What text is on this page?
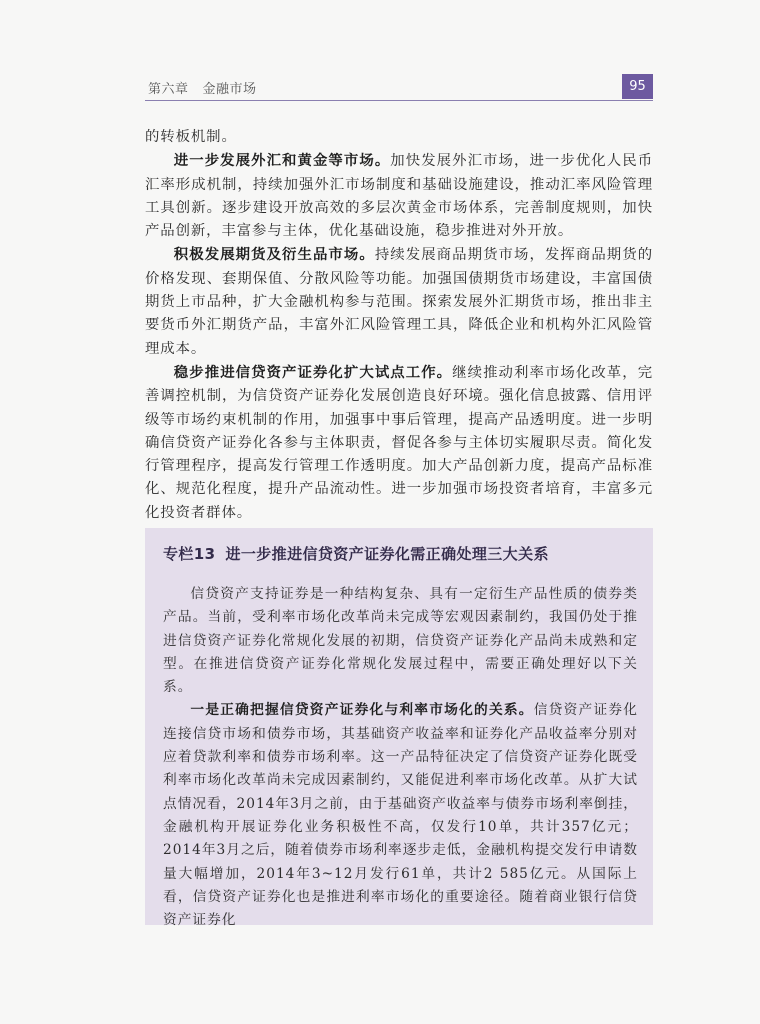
第六章 金融市场	95

的转板机制。

进一步发展外汇和黄金等市场。加快发展外汇市场，进一步优化人民币汇率形成机制，持续加强外汇市场制度和基础设施建设，推动汇率风险管理工具创新。逐步建设开放高效的多层次黄金市场体系，完善制度规则，加快产品创新，丰富参与主体，优化基础设施，稳步推进对外开放。

积极发展期货及衍生品市场。持续发展商品期货市场，发挥商品期货的价格发现、套期保值、分散风险等功能。加强国债期货市场建设，丰富国债期货上市品种，扩大金融机构参与范围。探索发展外汇期货市场，推出非主要货币外汇期货产品，丰富外汇风险管理工具，降低企业和机构外汇风险管理成本。

稳步推进信贷资产证券化扩大试点工作。继续推动利率市场化改革，完善调控机制，为信贷资产证券化发展创造良好环境。强化信息披露、信用评级等市场约束机制的作用，加强事中事后管理，提高产品透明度。进一步明确信贷资产证券化各参与主体职责，督促各参与主体切实履职尽责。简化发行管理程序，提高发行管理工作透明度。加大产品创新力度，提高产品标准化、规范化程度，提升产品流动性。进一步加强市场投资者培育，丰富多元化投资者群体。

专栏13 进一步推进信贷资产证券化需正确处理三大关系

信贷资产支持证券是一种结构复杂、具有一定衍生产品性质的债券类产品。当前，受利率市场化改革尚未完成等宏观因素制约，我国仍处于推进信贷资产证券化常规化发展的初期，信贷资产证券化产品尚未成熟和定型。在推进信贷资产证券化常规化发展过程中，需要正确处理好以下关系。

一是正确把握信贷资产证券化与利率市场化的关系。信贷资产证券化连接信贷市场和债券市场，其基础资产收益率和证券化产品收益率分别对应着贷款利率和债券市场利率。这一产品特征决定了信贷资产证券化既受利率市场化改革尚未完成因素制约，又能促进利率市场化改革。从扩大试点情况看，2014年3月之前，由于基础资产收益率与债券市场利率倒挂，金融机构开展证券化业务积极性不高，仅发行10单，共计357亿元；2014年3月之后，随着债券市场利率逐步走低，金融机构提交发行申请数量大幅增加，2014年3~12月发行61单，共计2 585亿元。从国际上看，信贷资产证券化也是推进利率市场化的重要途径。随着商业银行信贷资产证券化
